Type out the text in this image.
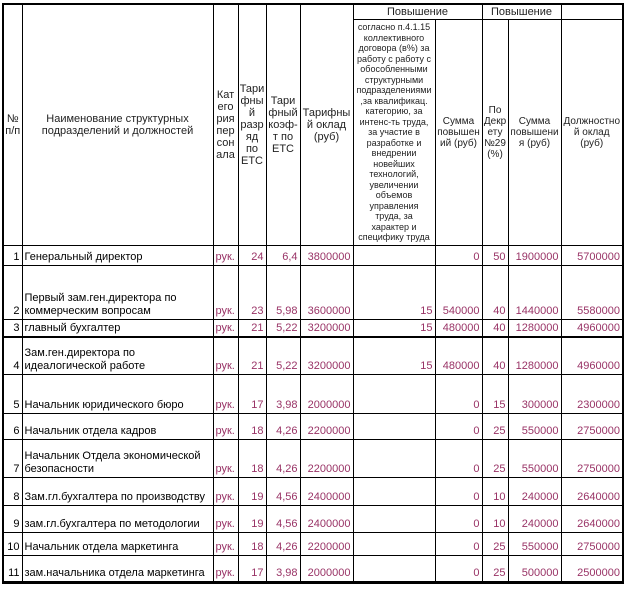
№ п/п	Наименование структурных подразделений и должностей	Категория персонала	Тарифный разряд по ЕТС	Тарифный коэф-т по ЕТС	Тарифный оклад (руб)	Повышение		Повышение		
						согласно п.4.1.15 коллективного договора (в%) за работу с работу с обособленными структурными подразделениями,за квалификац. категорию, за интенс-ть труда, за участие в разработке и внедрении новейших технологий, увеличении объемов управления труда, за характер и специфику труда	Сумма повышений (руб)	По Декрету №29 (%)	Сумма повышения (руб)	Должностной оклад (руб)
1	Генеральный директор	рук.	24	6,4	3800000		0	50	1900000	5700000
2	Первый зам.ген.директора по коммерческим вопросам	рук.	23	5,98	3600000	15	540000	40	1440000	5580000
3	главный бухгалтер	рук.	21	5,22	3200000	15	480000	40	1280000	4960000
4	Зам.ген.директора по идеалогической работе	рук.	21	5,22	3200000	15	480000	40	1280000	4960000
5	Начальник юридического бюро	рук.	17	3,98	2000000		0	15	300000	2300000
6	Начальник отдела кадров	рук.	18	4,26	2200000		0	25	550000	2750000
7	Начальник Отдела экономической безопасности	рук.	18	4,26	2200000		0	25	550000	2750000
8	Зам.гл.бухгалтера по производству	рук.	19	4,56	2400000		0	10	240000	2640000
9	зам.гл.бухгалтера по методологии	рук.	19	4,56	2400000		0	10	240000	2640000
10	Начальник отдела маркетинга	рук.	18	4,26	2200000		0	25	550000	2750000
11	зам.начальника отдела маркетинга	рук.	17	3,98	2000000		0	25	500000	2500000
